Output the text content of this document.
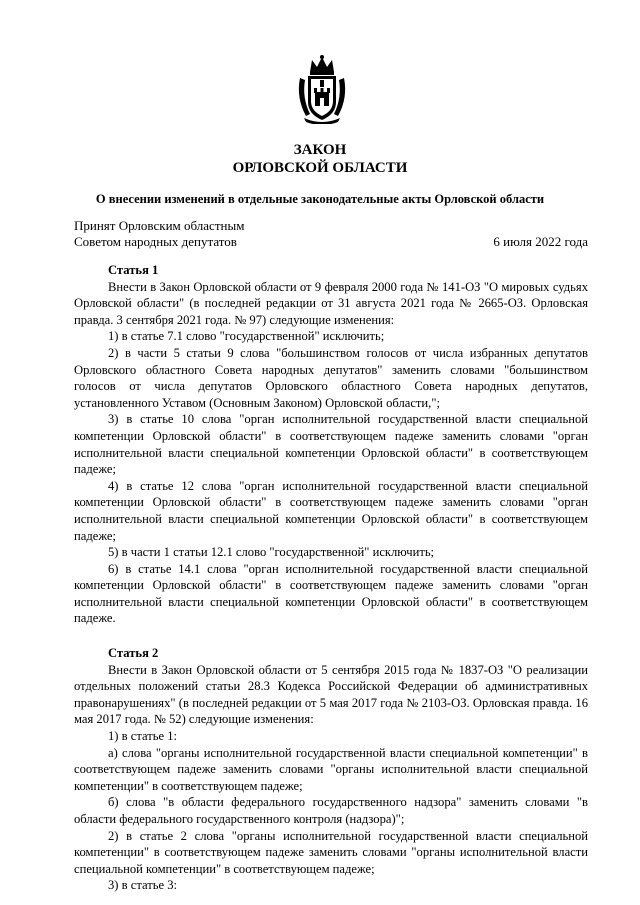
ЗАКОН
ОРЛОВСКОЙ ОБЛАСТИ
О внесении изменений в отдельные законодательные акты Орловской области
Принят Орловским областным
Советом народных депутатов	6 июля 2022 года
Статья 1

Внести в Закон Орловской области от 9 февраля 2000 года № 141-ОЗ "О мировых судьях Орловской области" (в последней редакции от 31 августа 2021 года № 2665-ОЗ. Орловская правда. 3 сентября 2021 года. № 97) следующие изменения:

1) в статье 7.1 слово "государственной" исключить;

2) в части 5 статьи 9 слова "большинством голосов от числа избранных депутатов Орловского областного Совета народных депутатов" заменить словами "большинством голосов от числа депутатов Орловского областного Совета народных депутатов, установленного Уставом (Основным Законом) Орловской области,";

3) в статье 10 слова "орган исполнительной государственной власти специальной компетенции Орловской области" в соответствующем падеже заменить словами "орган исполнительной власти специальной компетенции Орловской области" в соответствующем падеже;

4) в статье 12 слова "орган исполнительной государственной власти специальной компетенции Орловской области" в соответствующем падеже заменить словами "орган исполнительной власти специальной компетенции Орловской области" в соответствующем падеже;

5) в части 1 статьи 12.1 слово "государственной" исключить;

6) в статье 14.1 слова "орган исполнительной государственной власти специальной компетенции Орловской области" в соответствующем падеже заменить словами "орган исполнительной власти специальной компетенции Орловской области" в соответствующем падеже.

Статья 2

Внести в Закон Орловской области от 5 сентября 2015 года № 1837-ОЗ "О реализации отдельных положений статьи 28.3 Кодекса Российской Федерации об административных правонарушениях" (в последней редакции от 5 мая 2017 года № 2103-ОЗ. Орловская правда. 16 мая 2017 года. № 52) следующие изменения:

1) в статье 1:

а) слова "органы исполнительной государственной власти специальной компетенции" в соответствующем падеже заменить словами "органы исполнительной власти специальной компетенции" в соответствующем падеже;

б) слова "в области федерального государственного надзора" заменить словами "в области федерального государственного контроля (надзора)";

2) в статье 2 слова "органы исполнительной государственной власти специальной компетенции" в соответствующем падеже заменить словами "органы исполнительной власти специальной компетенции" в соответствующем падеже;

3) в статье 3:
